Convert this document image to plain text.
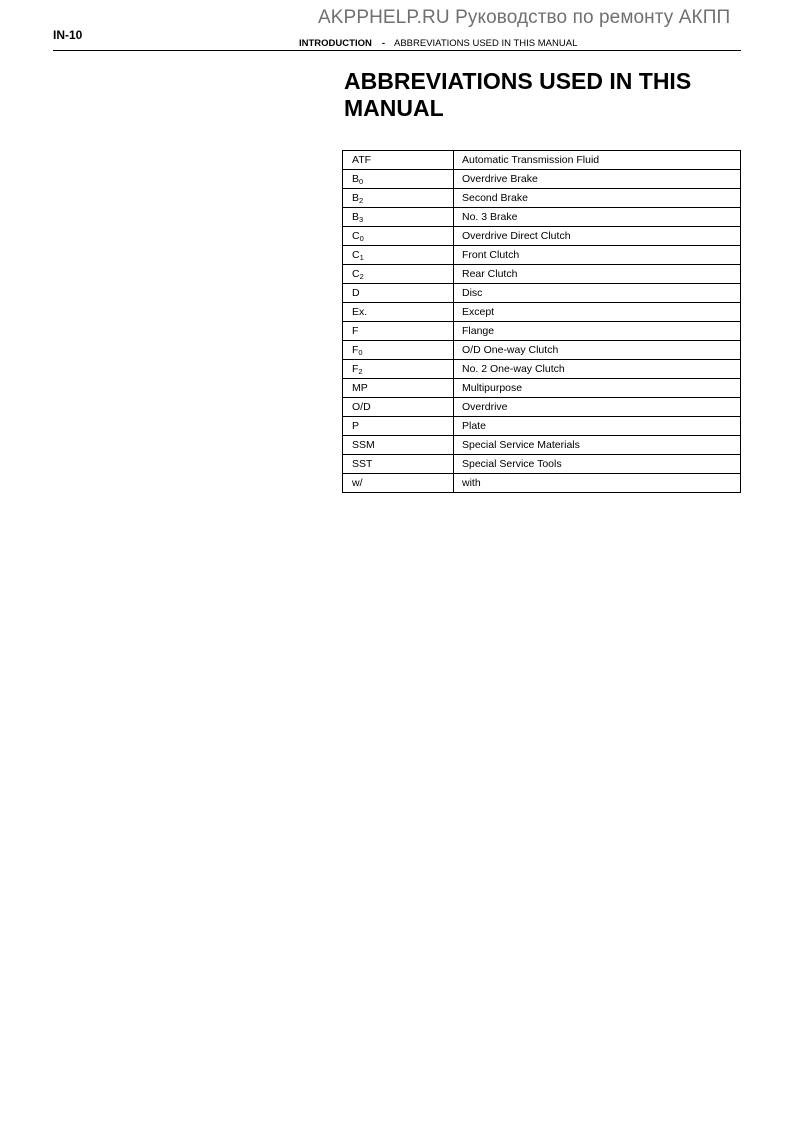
AKPPHELP.RU Руководство по ремонту АКПП
IN-10
INTRODUCTION - ABBREVIATIONS USED IN THIS MANUAL
ABBREVIATIONS USED IN THIS MANUAL
ATF	Automatic Transmission Fluid
$B_0$	Overdrive Brake
$B_2$	Second Brake
$B_3$	No. 3 Brake
$C_0$	Overdrive Direct Clutch
$C_1$	Front Clutch
$C_2$	Rear Clutch
D	Disc
Ex.	Except
F	Flange
$F_0$	O/D One-way Clutch
$F_2$	No. 2 One-way Clutch
MP	Multipurpose
O/D	Overdrive
P	Plate
SSM	Special Service Materials
SST	Special Service Tools
w/	with
